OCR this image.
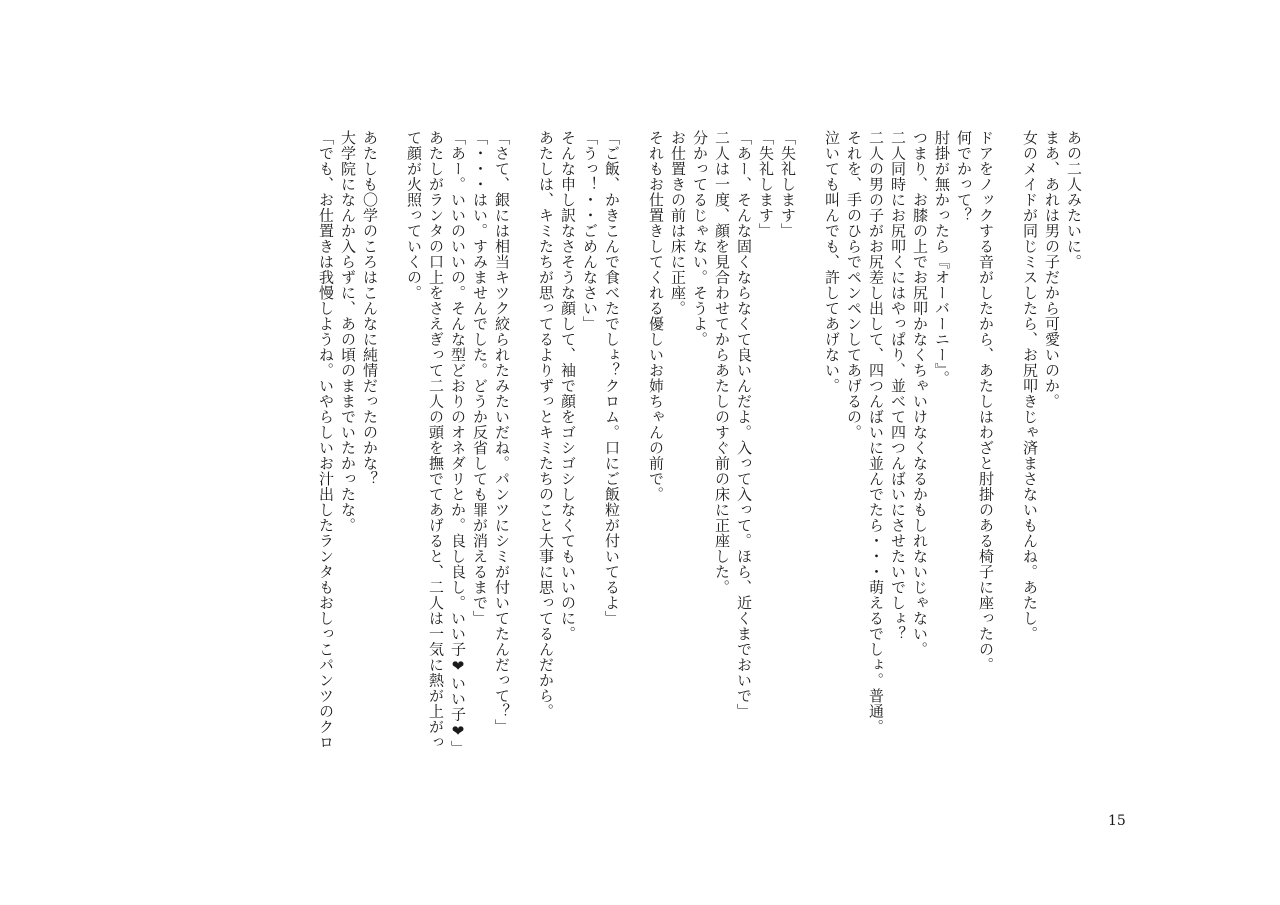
あの二人みたいに。
まあ、あれは男の子だから可愛いのか。
女のメイドが同じミスしたら、お尻叩きじゃ済まさないもんね。あたし。
ドアをノックする音がしたから、あたしはわざと肘掛のある椅子に座ったの。
何でかって？
肘掛が無かったら『オーバーニー』。
つまり、お膝の上でお尻叩かなくちゃいけなくなるかもしれないじゃない。
二人同時にお尻叩くにはやっぱり、並べて四つんばいにさせたいでしょ？
二人の男の子がお尻差し出して、四つんばいに並んでたら・・・萌えるでしょ。普通。
それを、手のひらでペンペンしてあげるの。
泣いても叫んでも、許してあげない。
「失礼します」
「失礼します」
「あー、そんな固くならなくて良いんだよ。入って入って。ほら、近くまでおいで」
二人は一度、顔を見合わせてからあたしのすぐ前の床に正座した。
分かってるじゃない。そうよ。
お仕置きの前は床に正座。
それもお仕置きしてくれる優しいお姉ちゃんの前で。
「ご飯、かきこんで食べたでしょ？クロム。口にご飯粒が付いてるよ」
「うっ！・・ごめんなさい」
そんな申し訳なさそうな顔して、袖で顔をゴシゴシしなくてもいいのに。
あたしは、キミたちが思ってるよりずっとキミたちのこと大事に思ってるんだから。
「さて、銀には相当キツク絞られたみたいだね。パンツにシミが付いてたんだって？」
「・・・はい。すみませんでした。どうか反省しても罪が消えるまで」
「あー。いいのいいの。そんな型どおりのオネダリとか。良し良し。いい子❤いい子❤」
あたしがランタの口上をさえぎって二人の頭を撫でてあげると、二人は一気に熱が上がっ
て顔が火照っていくの。
あたしも〇学のころはこんなに純情だったのかな？
大学院になんか入らずに、あの頃のままでいたかったな。
「でも、お仕置きは我慢しようね。いやらしいお汁出したランタもおしっこパンツのクロ
15
